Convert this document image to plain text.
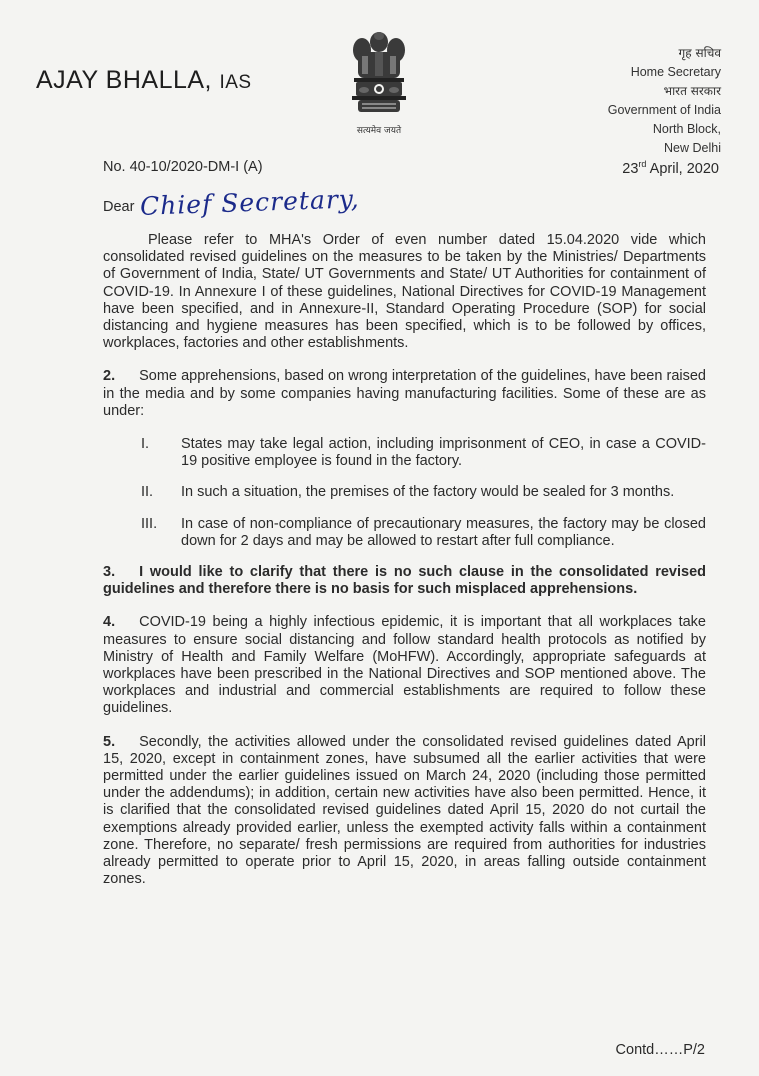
AJAY BHALLA, IAS
सत्यमेव जयते
गृह सचिव
Home Secretary
भारत सरकार
Government of India
North Block,
New Delhi
No. 40-10/2020-DM-I (A)	23rd April, 2020
Dear Chief Secretary,

Please refer to MHA's Order of even number dated 15.04.2020 vide which consolidated revised guidelines on the measures to be taken by the Ministries/ Departments of Government of India, State/ UT Governments and State/ UT Authorities for containment of COVID-19. In Annexure I of these guidelines, National Directives for COVID-19 Management have been specified, and in Annexure-II, Standard Operating Procedure (SOP) for social distancing and hygiene measures has been specified, which is to be followed by offices, workplaces, factories and other establishments.

2. Some apprehensions, based on wrong interpretation of the guidelines, have been raised in the media and by some companies having manufacturing facilities. Some of these are as under:

I.	States may take legal action, including imprisonment of CEO, in case a COVID-19 positive employee is found in the factory.
II.	In such a situation, the premises of the factory would be sealed for 3 months.
III.	In case of non-compliance of precautionary measures, the factory may be closed down for 2 days and may be allowed to restart after full compliance.

3. I would like to clarify that there is no such clause in the consolidated revised guidelines and therefore there is no basis for such misplaced apprehensions.

4. COVID-19 being a highly infectious epidemic, it is important that all workplaces take measures to ensure social distancing and follow standard health protocols as notified by Ministry of Health and Family Welfare (MoHFW). Accordingly, appropriate safeguards at workplaces have been prescribed in the National Directives and SOP mentioned above. The workplaces and industrial and commercial establishments are required to follow these guidelines.

5. Secondly, the activities allowed under the consolidated revised guidelines dated April 15, 2020, except in containment zones, have subsumed all the earlier activities that were permitted under the earlier guidelines issued on March 24, 2020 (including those permitted under the addendums); in addition, certain new activities have also been permitted. Hence, it is clarified that the consolidated revised guidelines dated April 15, 2020 do not curtail the exemptions already provided earlier, unless the exempted activity falls within a containment zone. Therefore, no separate/ fresh permissions are required from authorities for industries already permitted to operate prior to April 15, 2020, in areas falling outside containment zones.

Contd……P/2
